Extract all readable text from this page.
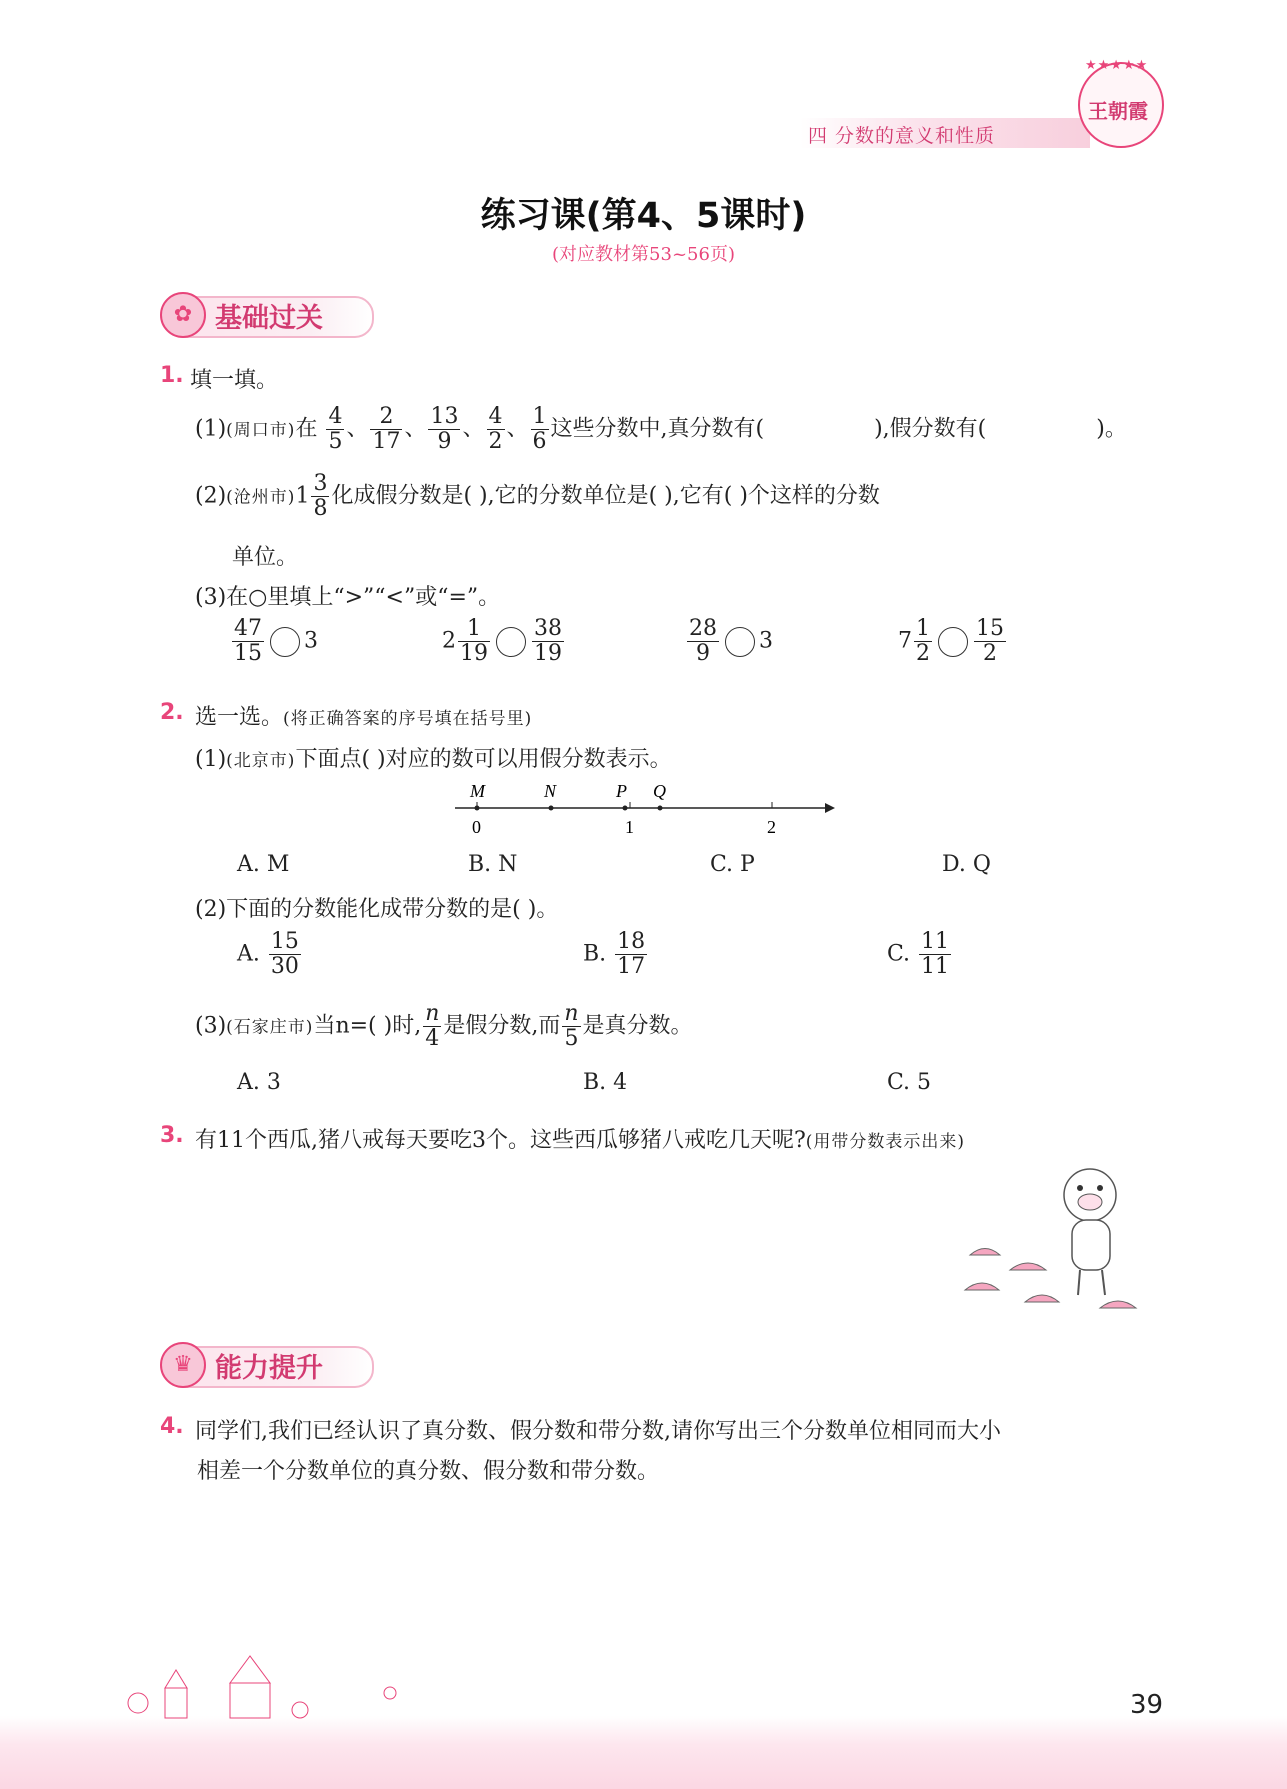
四 分数的意义和性质
★★★★★
王朝霞
练习课(第4、5课时)
(对应教材第53~56页)
✿ 基础过关
1. 填一填。
(1)(周口市)在 $\frac{4}{5}$ 、 $\frac{2}{17}$ 、 $\frac{13}{9}$ 、 $\frac{4}{2}$ 、 $\frac{1}{6}$ 这些分数中,真分数有(	),假分数有(	)。
(2)(沧州市)$1 \frac{3}{8}$ 化成假分数是( ),它的分数单位是( ),它有( )个这样的分数
单位。
(3)在○里填上“>”“<”或“=”。
$\frac{47}{15} 3$	$2 \frac{1}{19} \frac{38}{19}$	$\frac{28}{9} 3$	$7 \frac{1}{2} \frac{15}{2}$
2. 选一选。(将正确答案的序号填在括号里)
(1)(北京市)下面点( )对应的数可以用假分数表示。
M	N	P Q
0	1	2
A. M	B. N	C. P	D. Q
(2)下面的分数能化成带分数的是( )。
A. $\frac{15}{30}$	B. $\frac{18}{17}$	C. $\frac{11}{11}$
(3)(石家庄市)当n=( )时, $\frac{n}{4}$ 是假分数,而 $\frac{n}{5}$ 是真分数。
A. 3	B. 4	C. 5
3. 有11个西瓜,猪八戒每天要吃3个。这些西瓜够猪八戒吃几天呢?(用带分数表示出来)
♛ 能力提升
4. 同学们,我们已经认识了真分数、假分数和带分数,请你写出三个分数单位相同而大小
相差一个分数单位的真分数、假分数和带分数。
39
